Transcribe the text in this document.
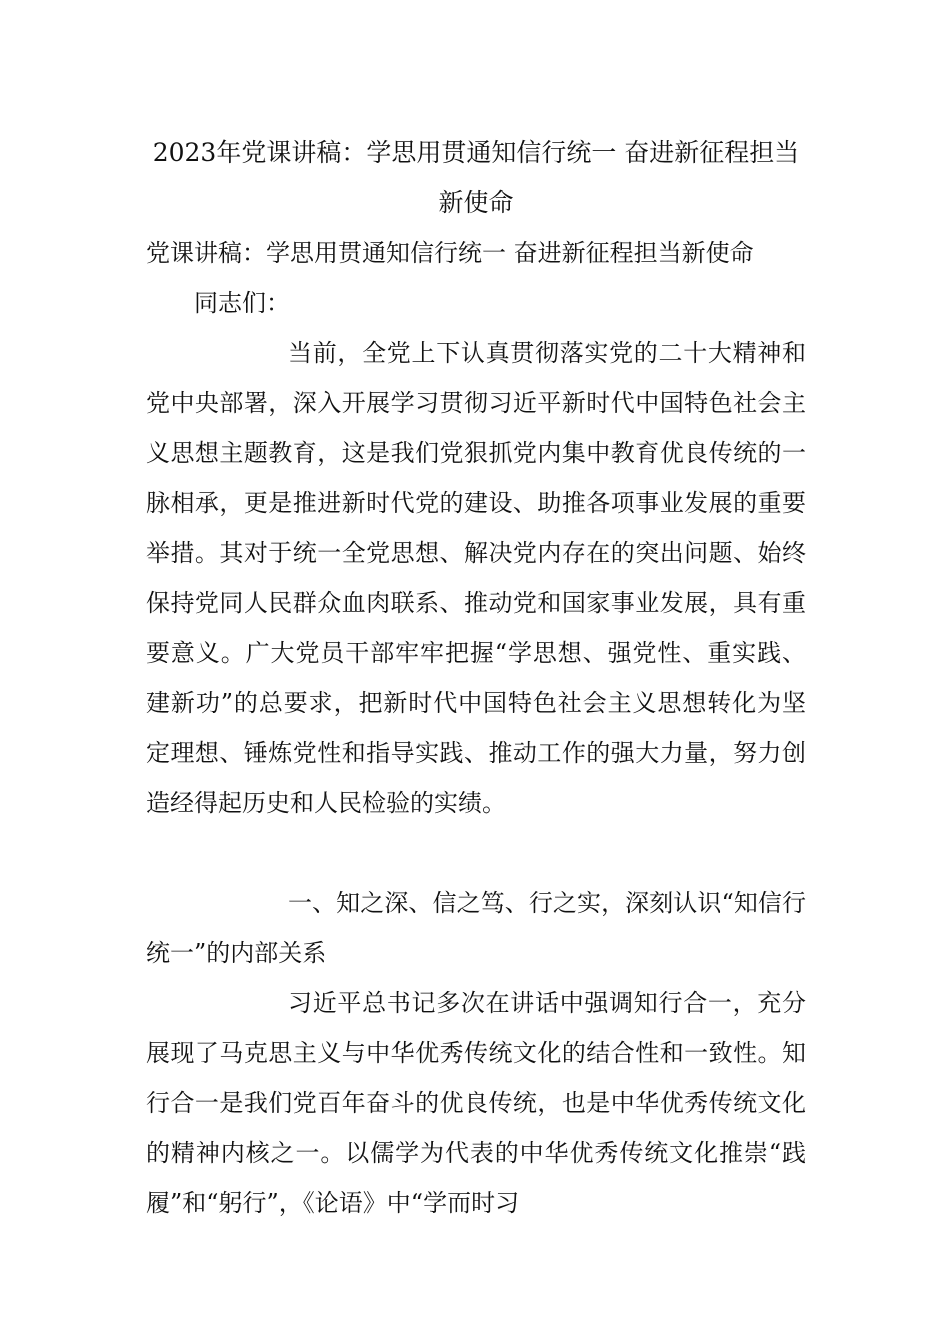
2023年党课讲稿：学思用贯通知信行统一 奋进新征程担当新使命

党课讲稿：学思用贯通知信行统一 奋进新征程担当新使命

同志们：

当前，全党上下认真贯彻落实党的二十大精神和党中央部署，深入开展学习贯彻习近平新时代中国特色社会主义思想主题教育，这是我们党狠抓党内集中教育优良传统的一脉相承，更是推进新时代党的建设、助推各项事业发展的重要举措。其对于统一全党思想、解决党内存在的突出问题、始终保持党同人民群众血肉联系、推动党和国家事业发展，具有重要意义。广大党员干部牢牢把握“学思想、强党性、重实践、建新功”的总要求，把新时代中国特色社会主义思想转化为坚定理想、锤炼党性和指导实践、推动工作的强大力量，努力创造经得起历史和人民检验的实绩。

一、知之深、信之笃、行之实，深刻认识“知信行统一”的内部关系

习近平总书记多次在讲话中强调知行合一，充分展现了马克思主义与中华优秀传统文化的结合性和一致性。知行合一是我们党百年奋斗的优良传统，也是中华优秀传统文化的精神内核之一。以儒学为代表的中华优秀传统文化推崇“践履”和“躬行”，《论语》中“学而时习
